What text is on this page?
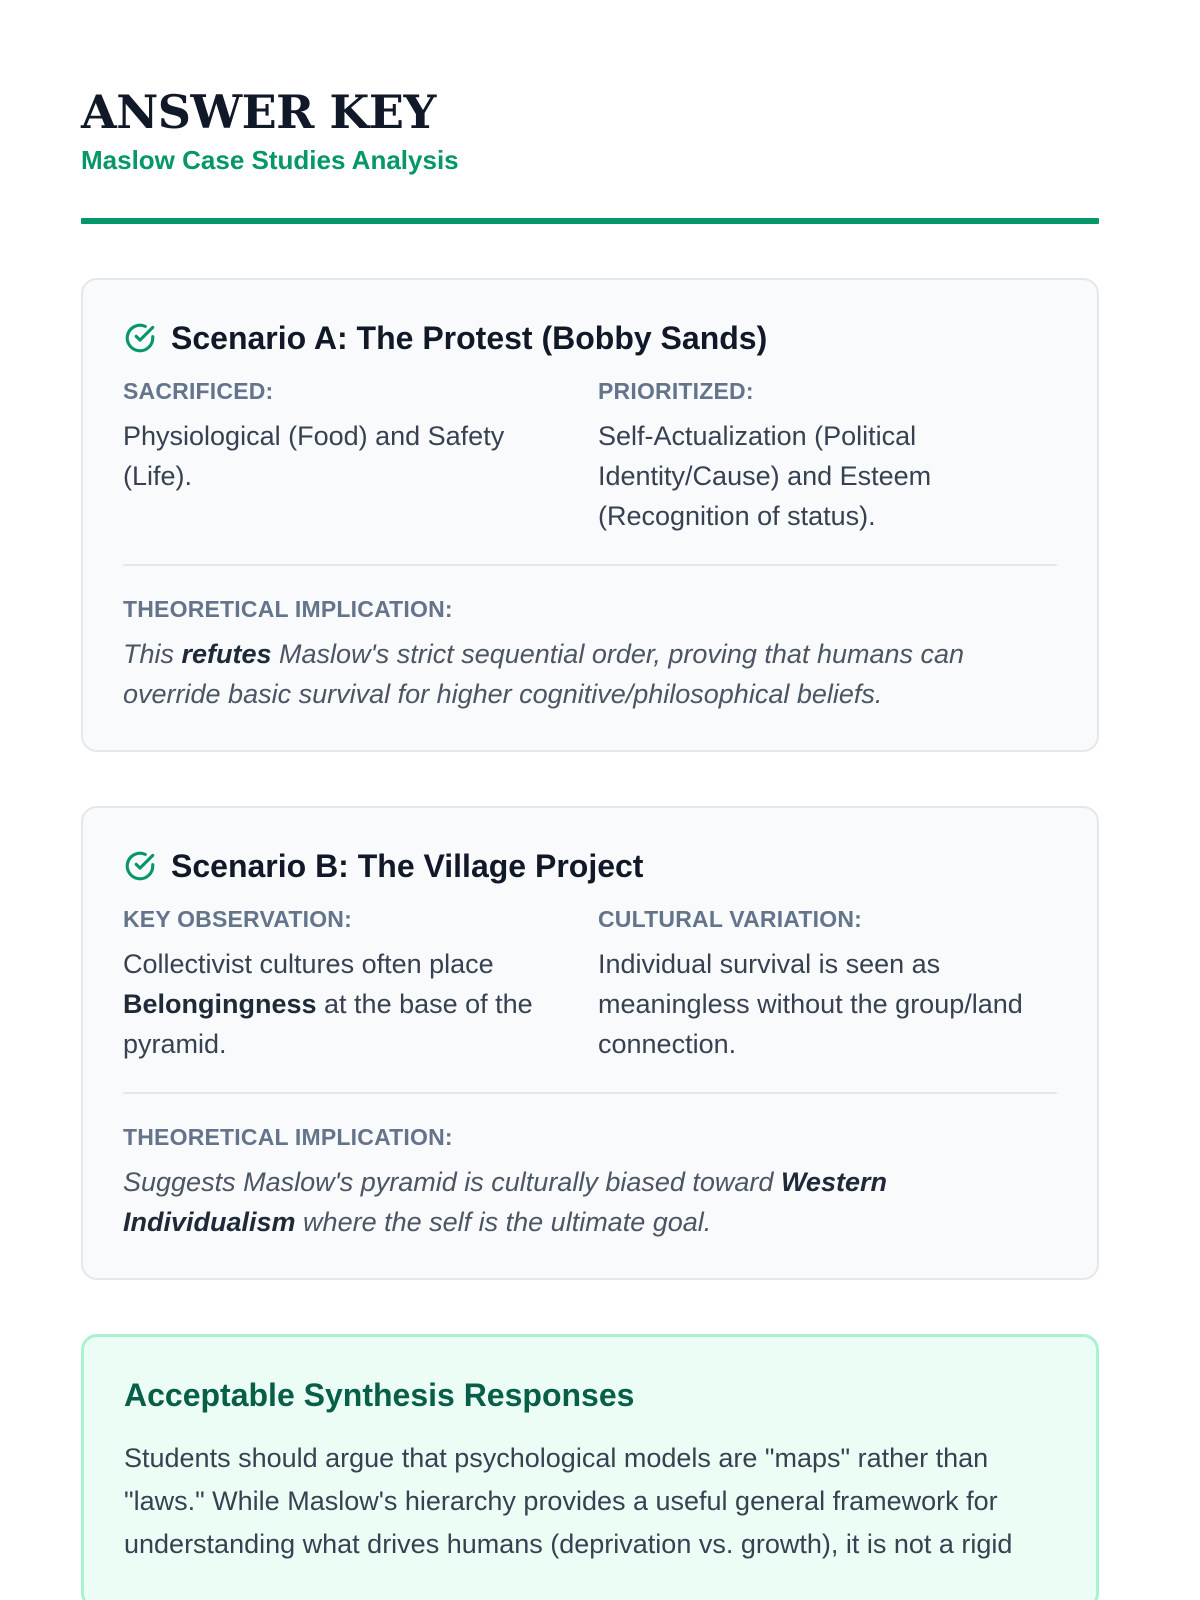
ANSWER KEY
Maslow Case Studies Analysis
Scenario A: The Protest (Bobby Sands)
SACRIFICED:
Physiological (Food) and Safety (Life).
PRIORITIZED:
Self-Actualization (Political Identity/Cause) and Esteem (Recognition of status).
THEORETICAL IMPLICATION:
This refutes Maslow's strict sequential order, proving that humans can override basic survival for higher cognitive/philosophical beliefs.
Scenario B: The Village Project
KEY OBSERVATION:
Collectivist cultures often place Belongingness at the base of the pyramid.
CULTURAL VARIATION:
Individual survival is seen as meaningless without the group/land connection.
THEORETICAL IMPLICATION:
Suggests Maslow's pyramid is culturally biased toward Western Individualism where the self is the ultimate goal.
Acceptable Synthesis Responses
Students should argue that psychological models are "maps" rather than "laws." While Maslow's hierarchy provides a useful general framework for understanding what drives humans (deprivation vs. growth), it is not a rigid
